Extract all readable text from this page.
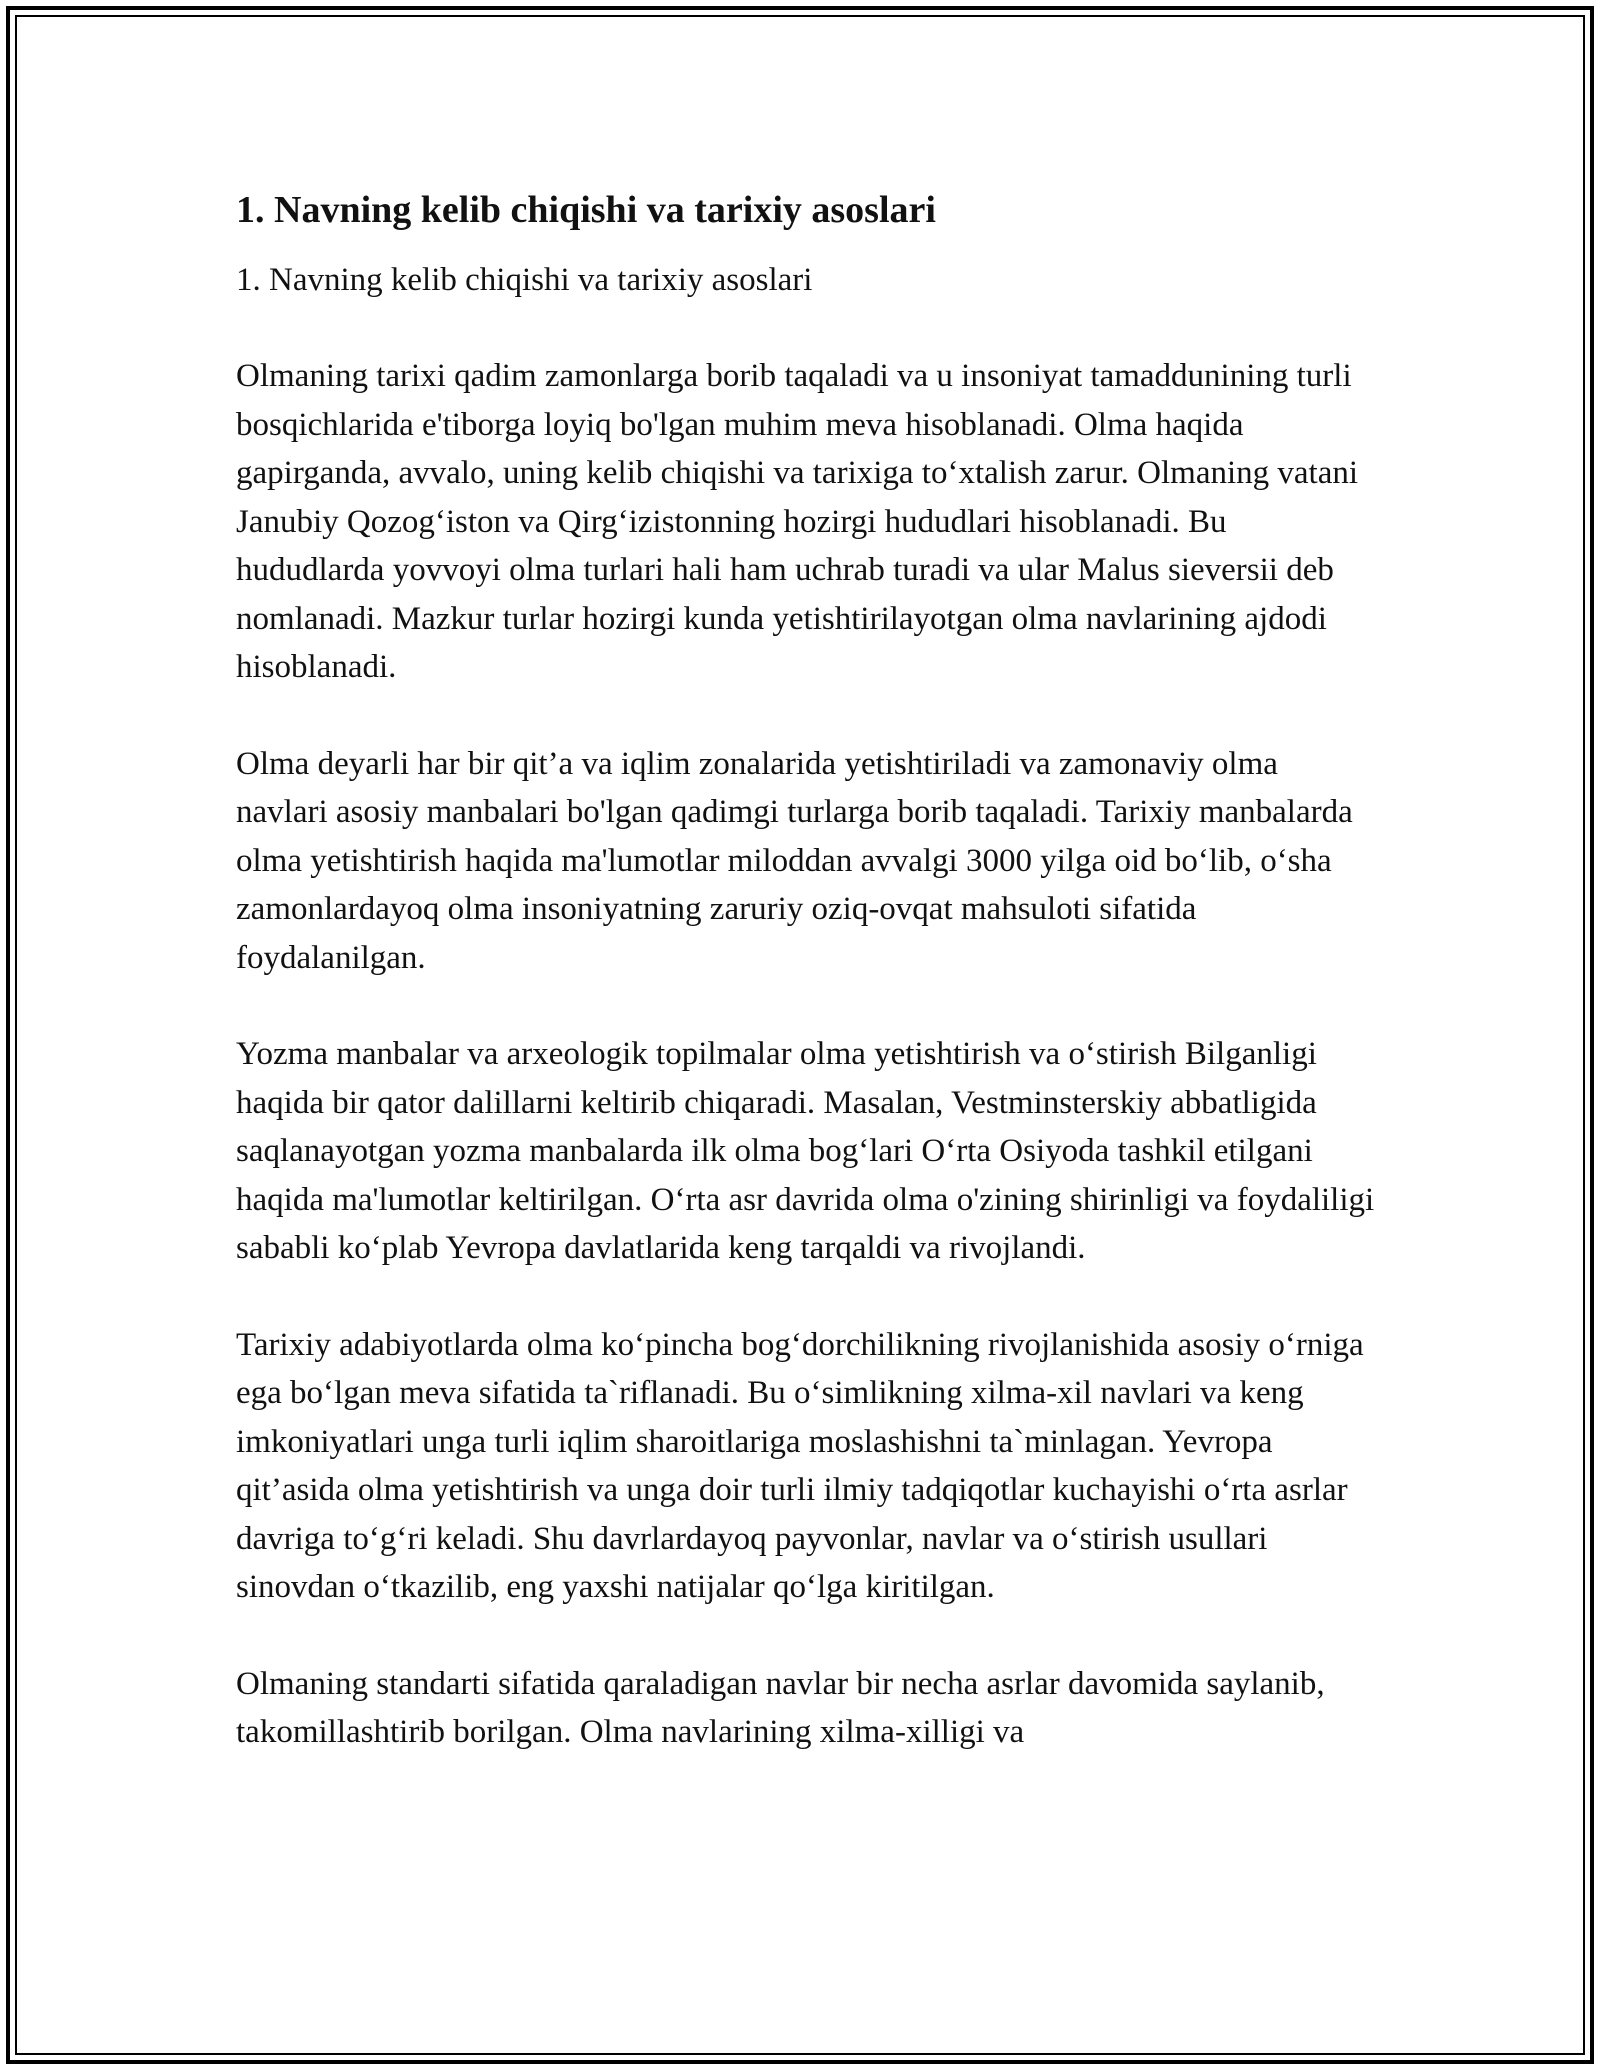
1. Navning kelib chiqishi va tarixiy asoslari

1. Navning kelib chiqishi va tarixiy asoslari

Olmaning tarixi qadim zamonlarga borib taqaladi va u insoniyat tamaddunining turli bosqichlarida e'tiborga loyiq bo'lgan muhim meva hisoblanadi. Olma haqida gapirganda, avvalo, uning kelib chiqishi va tarixiga to‘xtalish zarur. Olmaning vatani Janubiy Qozog‘iston va Qirg‘izistonning hozirgi hududlari hisoblanadi. Bu hududlarda yovvoyi olma turlari hali ham uchrab turadi va ular Malus sieversii deb nomlanadi. Mazkur turlar hozirgi kunda yetishtirilayotgan olma navlarining ajdodi hisoblanadi.

Olma deyarli har bir qit’a va iqlim zonalarida yetishtiriladi va zamonaviy olma navlari asosiy manbalari bo'lgan qadimgi turlarga borib taqaladi. Tarixiy manbalarda olma yetishtirish haqida ma'lumotlar miloddan avvalgi 3000 yilga oid bo‘lib, o‘sha zamonlardayoq olma insoniyatning zaruriy oziq-ovqat mahsuloti sifatida foydalanilgan.

Yozma manbalar va arxeologik topilmalar olma yetishtirish va o‘stirish Bilganligi haqida bir qator dalillarni keltirib chiqaradi. Masalan, Vestminsterskiy abbatligida saqlanayotgan yozma manbalarda ilk olma bog‘lari O‘rta Osiyoda tashkil etilgani haqida ma'lumotlar keltirilgan. O‘rta asr davrida olma o'zining shirinligi va foydaliligi sababli ko‘plab Yevropa davlatlarida keng tarqaldi va rivojlandi.

Tarixiy adabiyotlarda olma ko‘pincha bog‘dorchilikning rivojlanishida asosiy o‘rniga ega bo‘lgan meva sifatida ta`riflanadi. Bu o‘simlikning xilma-xil navlari va keng imkoniyatlari unga turli iqlim sharoitlariga moslashishni ta`minlagan. Yevropa qit’asida olma yetishtirish va unga doir turli ilmiy tadqiqotlar kuchayishi o‘rta asrlar davriga to‘g‘ri keladi. Shu davrlardayoq payvonlar, navlar va o‘stirish usullari sinovdan o‘tkazilib, eng yaxshi natijalar qo‘lga kiritilgan.

Olmaning standarti sifatida qaraladigan navlar bir necha asrlar davomida saylanib, takomillashtirib borilgan. Olma navlarining xilma-xilligi va
